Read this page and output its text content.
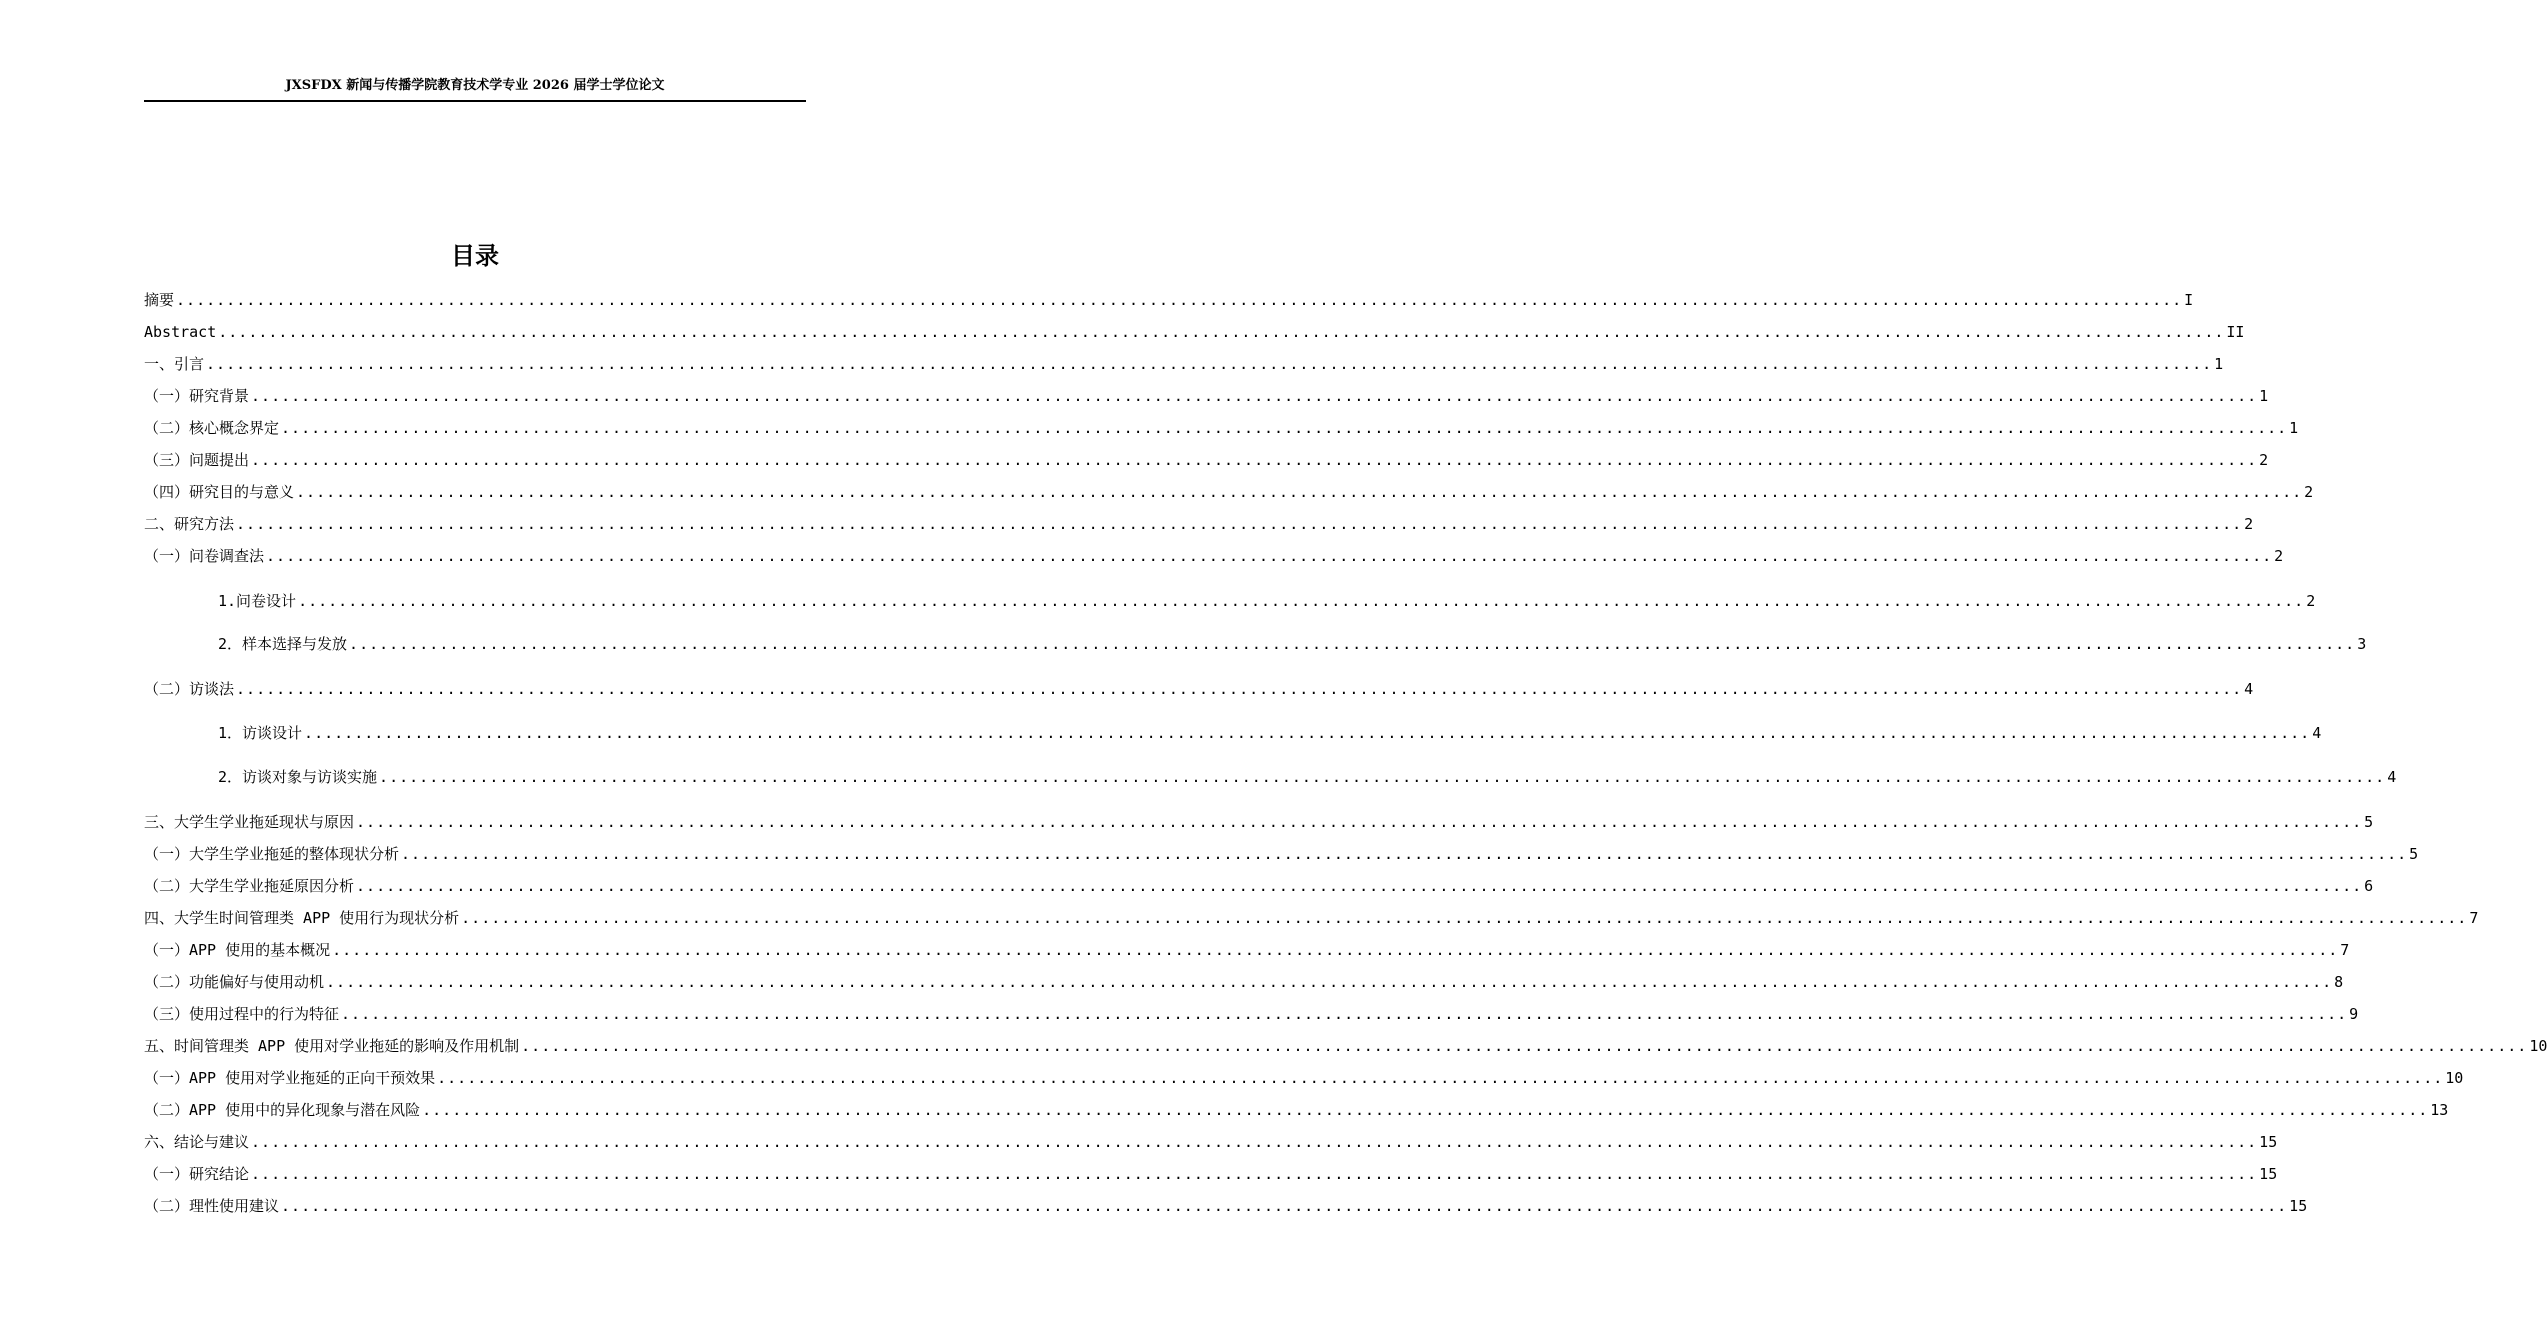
JXSFDX 新闻与传播学院教育技术学专业 2026 届学士学位论文
目录
摘要 ........................................................................................................................................................................................................ I
Abstract ........................................................................................................................................................................................................ II
一、引言 ........................................................................................................................................................................................................ 1
（一）研究背景 ........................................................................................................................................................................................................ 1
（二）核心概念界定 ........................................................................................................................................................................................................ 1
（三）问题提出 ........................................................................................................................................................................................................ 2
（四）研究目的与意义 ........................................................................................................................................................................................................ 2
二、研究方法 ........................................................................................................................................................................................................ 2
（一）问卷调查法 ........................................................................................................................................................................................................ 2
1.问卷设计 ........................................................................................................................................................................................................ 2
2．样本选择与发放 ........................................................................................................................................................................................................ 3
（二）访谈法 ........................................................................................................................................................................................................ 4
1．访谈设计 ........................................................................................................................................................................................................ 4
2．访谈对象与访谈实施 ........................................................................................................................................................................................................ 4
三、大学生学业拖延现状与原因 ........................................................................................................................................................................................................ 5
（一）大学生学业拖延的整体现状分析 ........................................................................................................................................................................................................ 5
（二）大学生学业拖延原因分析 ........................................................................................................................................................................................................ 6
四、大学生时间管理类 APP 使用行为现状分析 ........................................................................................................................................................................................................ 7
（一）APP 使用的基本概况 ........................................................................................................................................................................................................ 7
（二）功能偏好与使用动机 ........................................................................................................................................................................................................ 8
（三）使用过程中的行为特征 ........................................................................................................................................................................................................ 9
五、时间管理类 APP 使用对学业拖延的影响及作用机制 ........................................................................................................................................................................................................ 10
（一）APP 使用对学业拖延的正向干预效果 ........................................................................................................................................................................................................ 10
（二）APP 使用中的异化现象与潜在风险 ........................................................................................................................................................................................................ 13
六、结论与建议 ........................................................................................................................................................................................................ 15
（一）研究结论 ........................................................................................................................................................................................................ 15
（二）理性使用建议 ........................................................................................................................................................................................................ 15
